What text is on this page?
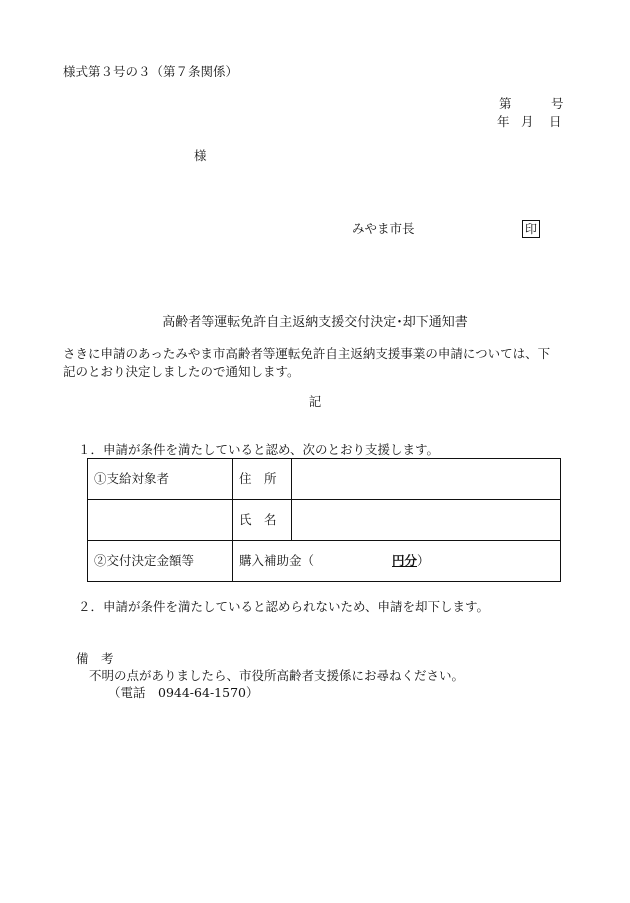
様式第３号の３（第７条関係）
第	号
年 月 日
様
みやま市長	印
高齢者等運転免許自主返納支援交付決定･却下通知書
さきに申請のあったみやま市高齢者等運転免許自主返納支援事業の申請については、下
記のとおり決定しましたので通知します。
記
１．申請が条件を満たしていると認め、次のとおり支援します。
①支給対象者	住　所	
	氏　名	
②交付決定金額等	購入補助金（ 円分）	
２．申請が条件を満たしていると認められないため、申請を却下します。
備　考
不明の点がありましたら、市役所高齢者支援係にお尋ねください。
（電話　0944-64-1570）
